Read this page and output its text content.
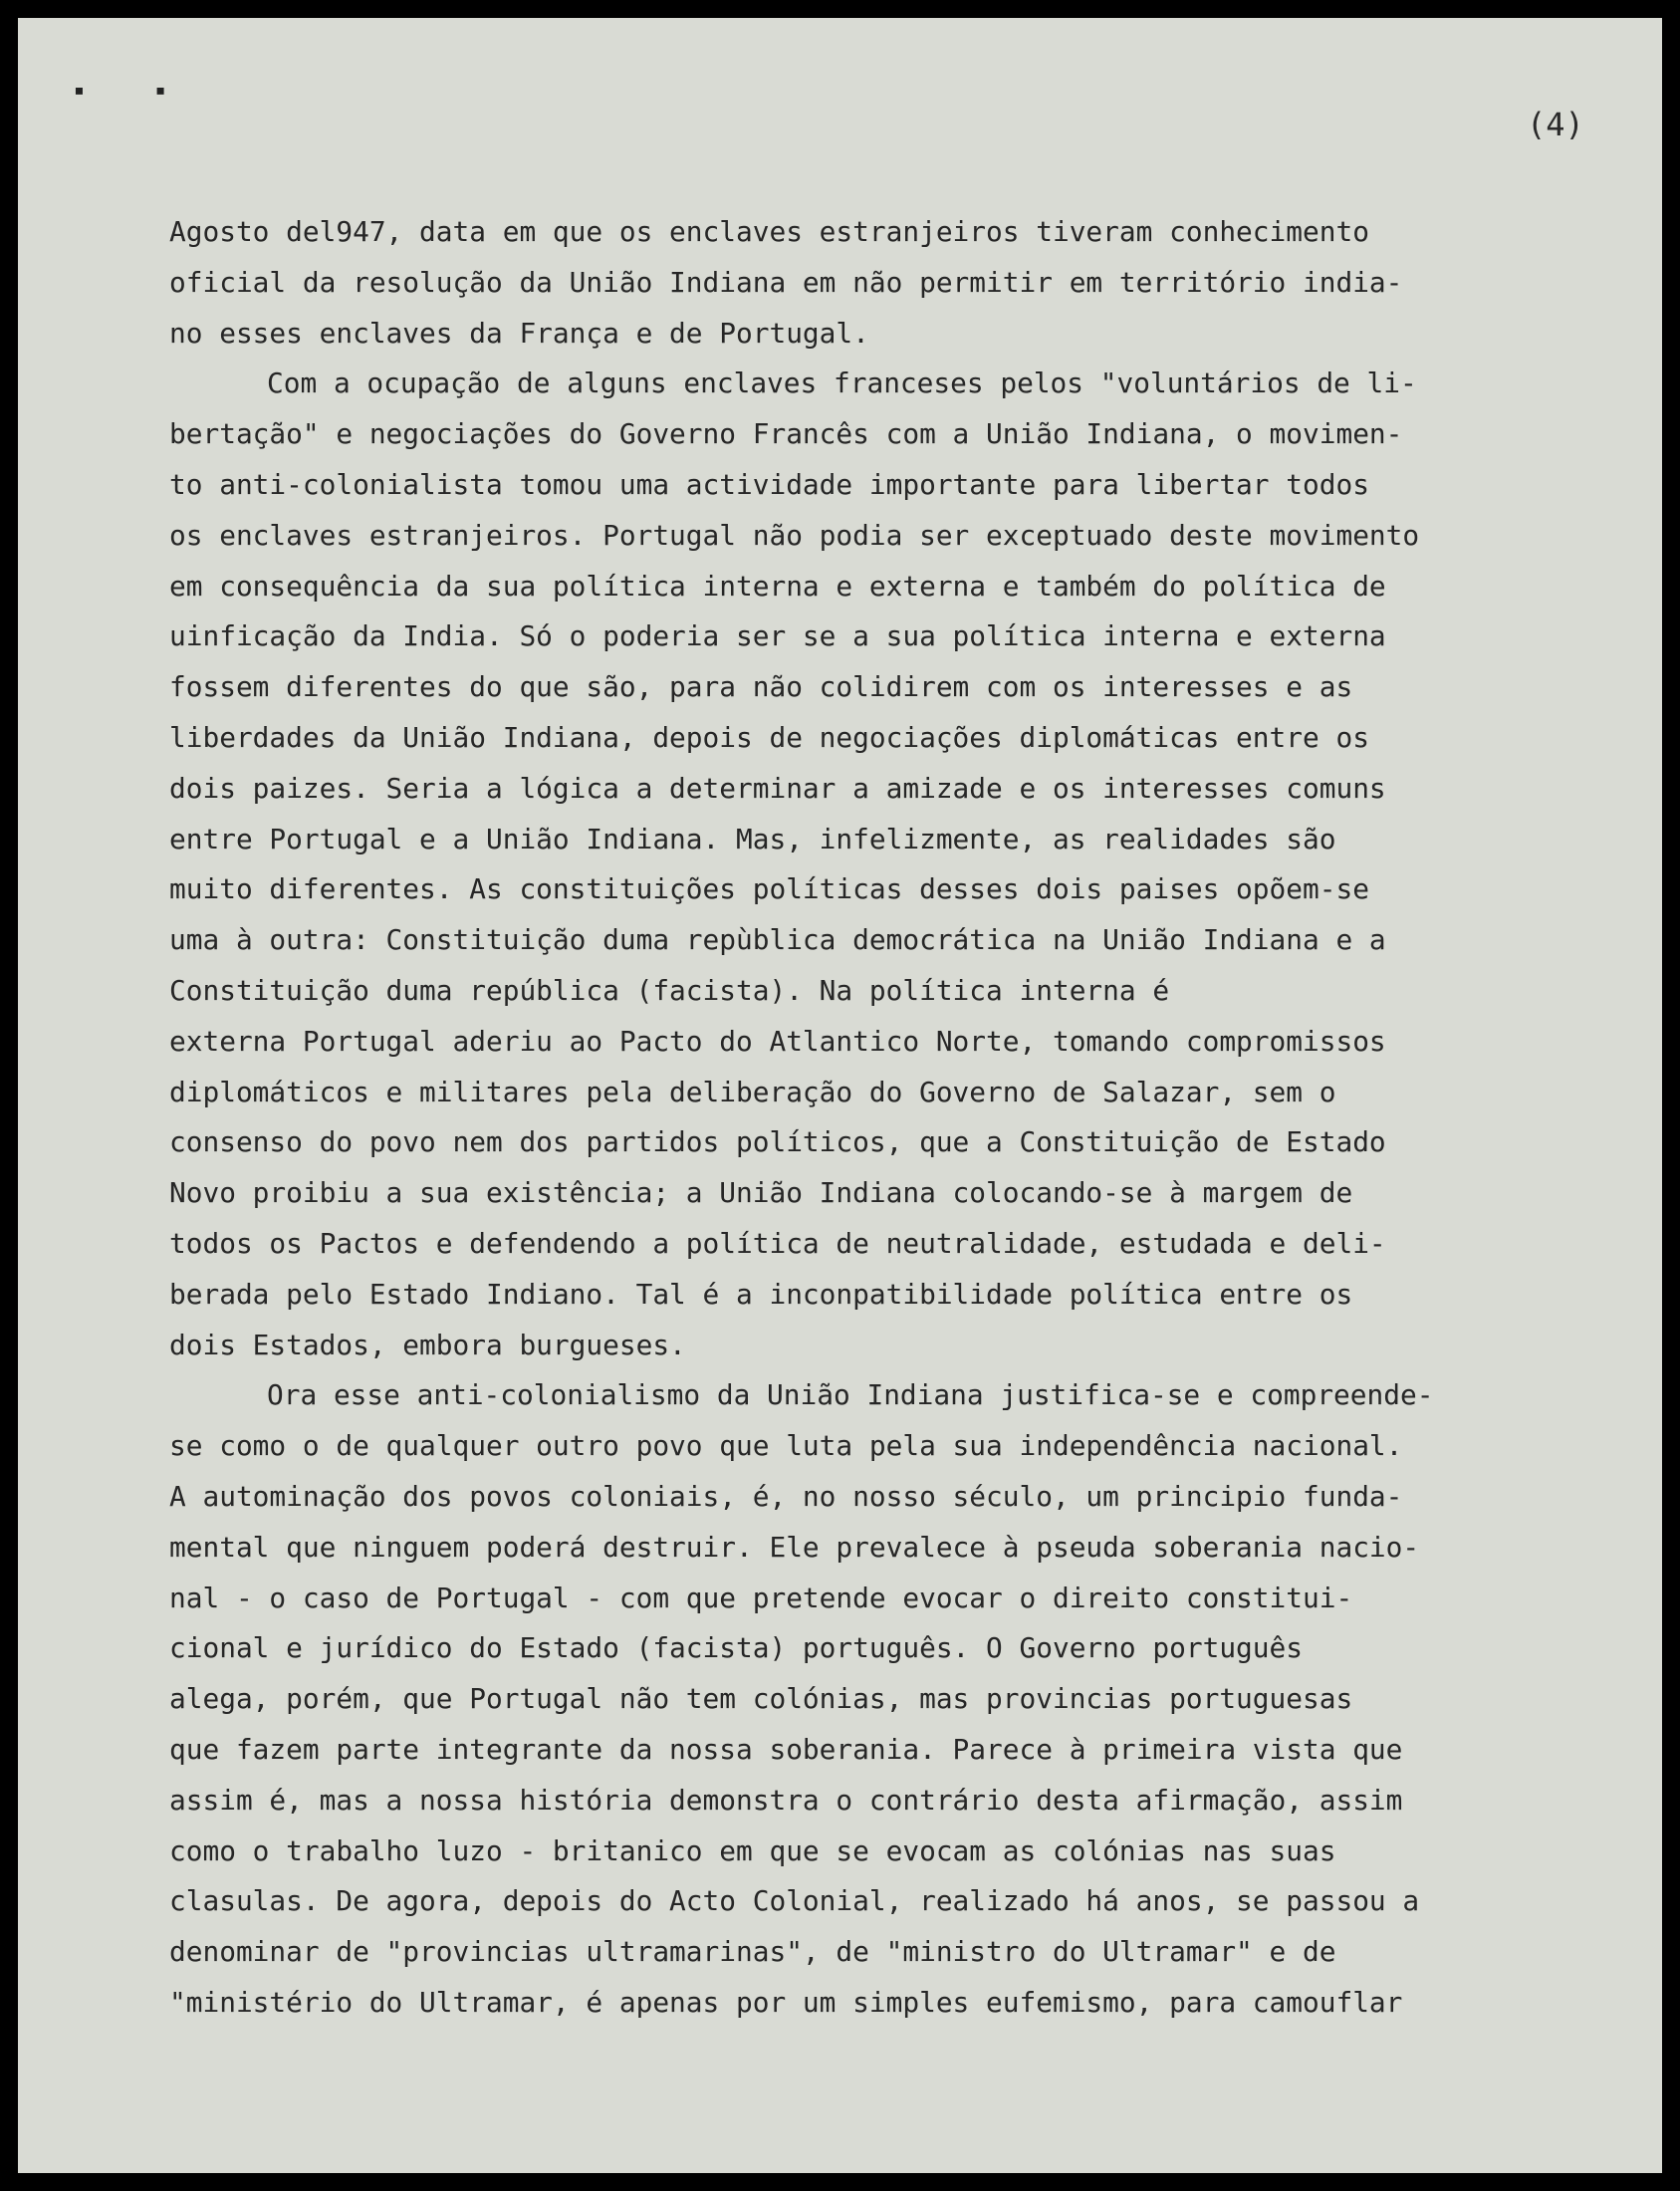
▪ ▪
(4)
Agosto del947, data em que os enclaves estranjeiros tiveram conhecimento
oficial da resolução da União Indiana em não permitir em território india-
no esses enclaves da França e de Portugal.
Com a ocupação de alguns enclaves franceses pelos "voluntários de li-
bertação" e negociações do Governo Francês com a União Indiana, o movimen-
to anti-colonialista tomou uma actividade importante para libertar todos
os enclaves estranjeiros. Portugal não podia ser exceptuado deste movimento
em consequência da sua política interna e externa e também do política de
uinficação da India. Só o poderia ser se a sua política interna e externa
fossem diferentes do que são, para não colidirem com os interesses e as
liberdades da União Indiana, depois de negociações diplomáticas entre os
dois paizes. Seria a lógica a determinar a amizade e os interesses comuns
entre Portugal e a União Indiana. Mas, infelizmente, as realidades são
muito diferentes. As constituições políticas desses dois paises opõem-se
uma à outra: Constituição duma repùblica democrática na União Indiana e a
Constituição duma república (facista). Na política interna é
externa Portugal aderiu ao Pacto do Atlantico Norte, tomando compromissos
diplomáticos e militares pela deliberação do Governo de Salazar, sem o
consenso do povo nem dos partidos políticos, que a Constituição de Estado
Novo proibiu a sua existência; a União Indiana colocando-se à margem de
todos os Pactos e defendendo a política de neutralidade, estudada e deli-
berada pelo Estado Indiano. Tal é a inconpatibilidade política entre os
dois Estados, embora burgueses.
Ora esse anti-colonialismo da União Indiana justifica-se e compreende-
se como o de qualquer outro povo que luta pela sua independência nacional.
A autominação dos povos coloniais, é, no nosso século, um principio funda-
mental que ninguem poderá destruir. Ele prevalece à pseuda soberania nacio-
nal - o caso de Portugal - com que pretende evocar o direito constitui-
cional e jurídico do Estado (facista) português. O Governo português
alega, porém, que Portugal não tem colónias, mas provincias portuguesas
que fazem parte integrante da nossa soberania. Parece à primeira vista que
assim é, mas a nossa história demonstra o contrário desta afirmação, assim
como o trabalho luzo - britanico em que se evocam as colónias nas suas
clasulas. De agora, depois do Acto Colonial, realizado há anos, se passou a
denominar de "provincias ultramarinas", de "ministro do Ultramar" e de
"ministério do Ultramar, é apenas por um simples eufemismo, para camouflar
